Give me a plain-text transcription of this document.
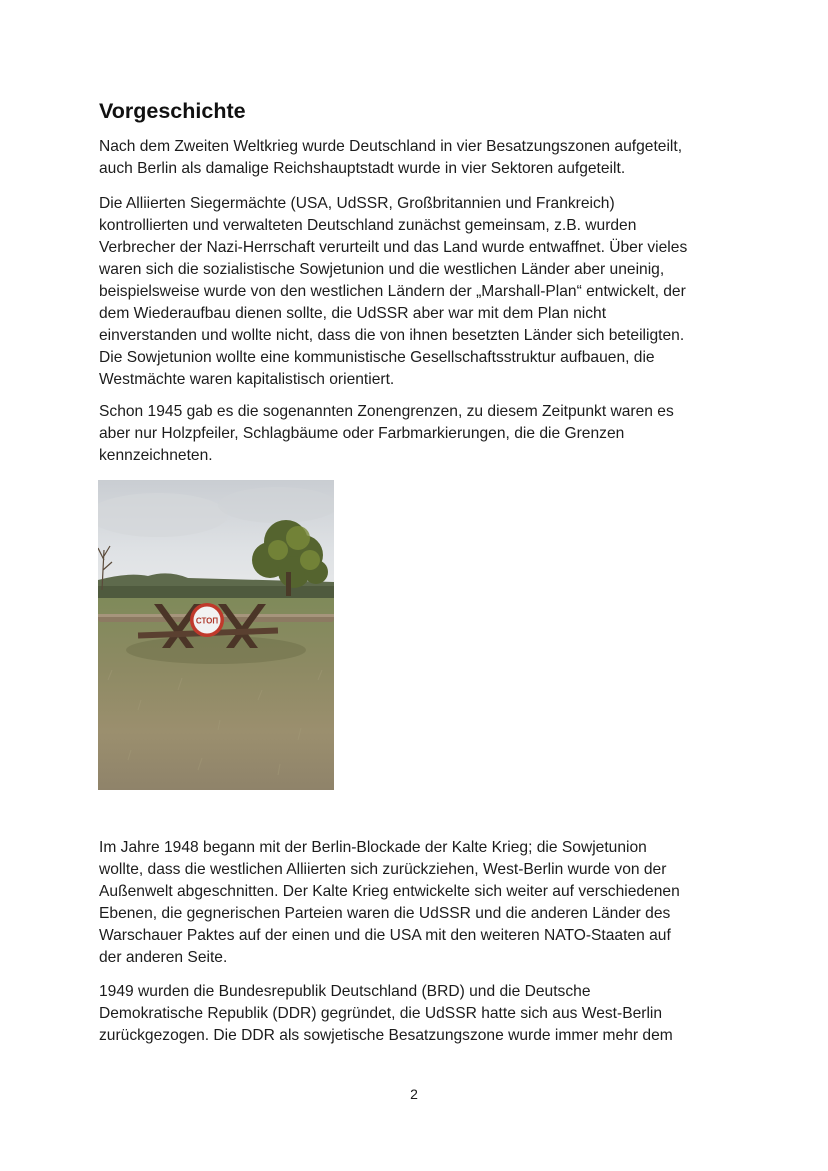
Vorgeschichte

Nach dem Zweiten Weltkrieg wurde Deutschland in vier Besatzungszonen aufgeteilt,
auch Berlin als damalige Reichshauptstadt wurde in vier Sektoren aufgeteilt.

Die Alliierten Siegermächte (USA, UdSSR, Großbritannien und Frankreich)
kontrollierten und verwalteten Deutschland zunächst gemeinsam, z.B. wurden
Verbrecher der Nazi-Herrschaft verurteilt und das Land wurde entwaffnet. Über vieles
waren sich die sozialistische Sowjetunion und die westlichen Länder aber uneinig,
beispielsweise wurde von den westlichen Ländern der „Marshall-Plan“ entwickelt, der
dem Wiederaufbau dienen sollte, die UdSSR aber war mit dem Plan nicht
einverstanden und wollte nicht, dass die von ihnen besetzten Länder sich beteiligten.
Die Sowjetunion wollte eine kommunistische Gesellschaftsstruktur aufbauen, die
Westmächte waren kapitalistisch orientiert.

Schon 1945 gab es die sogenannten Zonengrenzen, zu diesem Zeitpunkt waren es
aber nur Holzpfeiler, Schlagbäume oder Farbmarkierungen, die die Grenzen
kennzeichneten.

СТОП

Im Jahre 1948 begann mit der Berlin-Blockade der Kalte Krieg; die Sowjetunion
wollte, dass die westlichen Alliierten sich zurückziehen, West-Berlin wurde von der
Außenwelt abgeschnitten. Der Kalte Krieg entwickelte sich weiter auf verschiedenen
Ebenen, die gegnerischen Parteien waren die UdSSR und die anderen Länder des
Warschauer Paktes auf der einen und die USA mit den weiteren NATO-Staaten auf
der anderen Seite.

1949 wurden die Bundesrepublik Deutschland (BRD) und die Deutsche
Demokratische Republik (DDR) gegründet, die UdSSR hatte sich aus West-Berlin
zurückgezogen. Die DDR als sowjetische Besatzungszone wurde immer mehr dem

2
